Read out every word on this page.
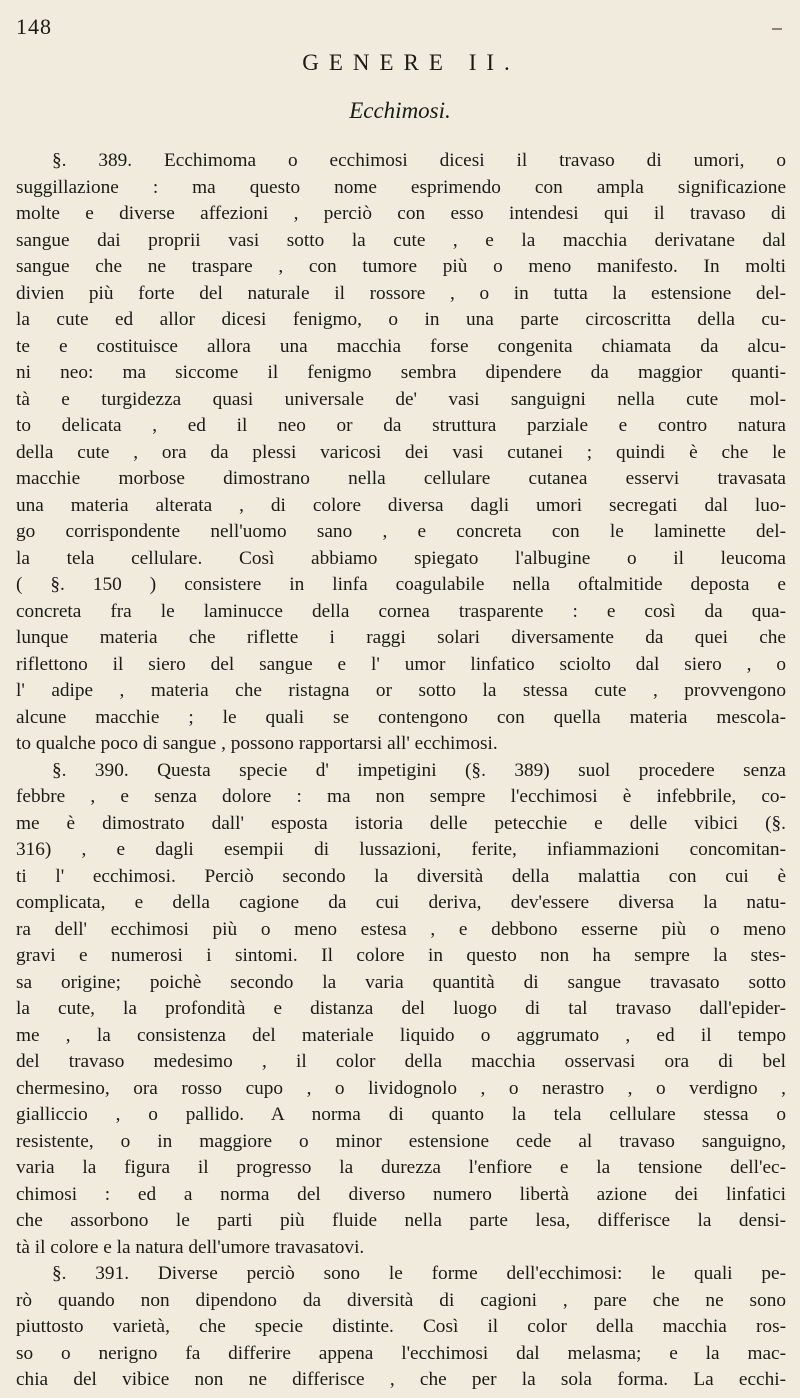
148
GENERE II.
Ecchimosi.
§. 389. Ecchimoma o ecchimosi dicesi il travaso di umori, o
suggillazione : ma questo nome esprimendo con ampla significazione
molte e diverse affezioni , perciò con esso intendesi qui il travaso di
sangue dai proprii vasi sotto la cute , e la macchia derivatane dal
sangue che ne traspare , con tumore più o meno manifesto. In molti
divien più forte del naturale il rossore , o in tutta la estensione del-
la cute ed allor dicesi fenigmo, o in una parte circoscritta della cu-
te e costituisce allora una macchia forse congenita chiamata da alcu-
ni neo: ma siccome il fenigmo sembra dipendere da maggior quanti-
tà e turgidezza quasi universale de' vasi sanguigni nella cute mol-
to delicata , ed il neo or da struttura parziale e contro natura
della cute , ora da plessi varicosi dei vasi cutanei ; quindi è che le
macchie morbose dimostrano nella cellulare cutanea esservi travasata
una materia alterata , di colore diversa dagli umori secregati dal luo-
go corrispondente nell'uomo sano , e concreta con le laminette del-
la tela cellulare. Così abbiamo spiegato l'albugine o il leucoma
( §. 150 ) consistere in linfa coagulabile nella oftalmitide deposta e
concreta fra le laminucce della cornea trasparente : e così da qua-
lunque materia che riflette i raggi solari diversamente da quei che
riflettono il siero del sangue e l' umor linfatico sciolto dal siero , o
l' adipe , materia che ristagna or sotto la stessa cute , provvengono
alcune macchie ; le quali se contengono con quella materia mescola-
to qualche poco di sangue , possono rapportarsi all' ecchimosi.
§. 390. Questa specie d' impetigini (§. 389) suol procedere senza
febbre , e senza dolore : ma non sempre l'ecchimosi è infebbrile, co-
me è dimostrato dall' esposta istoria delle petecchie e delle vibici (§.
316) , e dagli esempii di lussazioni, ferite, infiammazioni concomitan-
ti l' ecchimosi. Perciò secondo la diversità della malattia con cui è
complicata, e della cagione da cui deriva, dev'essere diversa la natu-
ra dell' ecchimosi più o meno estesa , e debbono esserne più o meno
gravi e numerosi i sintomi. Il colore in questo non ha sempre la stes-
sa origine; poichè secondo la varia quantità di sangue travasato sotto
la cute, la profondità e distanza del luogo di tal travaso dall'epider-
me , la consistenza del materiale liquido o aggrumato , ed il tempo
del travaso medesimo , il color della macchia osservasi ora di bel
chermesino, ora rosso cupo , o lividognolo , o nerastro , o verdigno ,
gialliccio , o pallido. A norma di quanto la tela cellulare stessa o
resistente, o in maggiore o minor estensione cede al travaso sanguigno,
varia la figura il progresso la durezza l'enfiore e la tensione dell'ec-
chimosi : ed a norma del diverso numero libertà azione dei linfatici
che assorbono le parti più fluide nella parte lesa, differisce la densi-
tà il colore e la natura dell'umore travasatovi.
§. 391. Diverse perciò sono le forme dell'ecchimosi: le quali pe-
rò quando non dipendono da diversità di cagioni , pare che ne sono
piuttosto varietà, che specie distinte. Così il color della macchia ros-
so o nerigno fa differire appena l'ecchimosi dal melasma; e la mac-
chia del vibice non ne differisce , che per la sola forma. La ecchi-
